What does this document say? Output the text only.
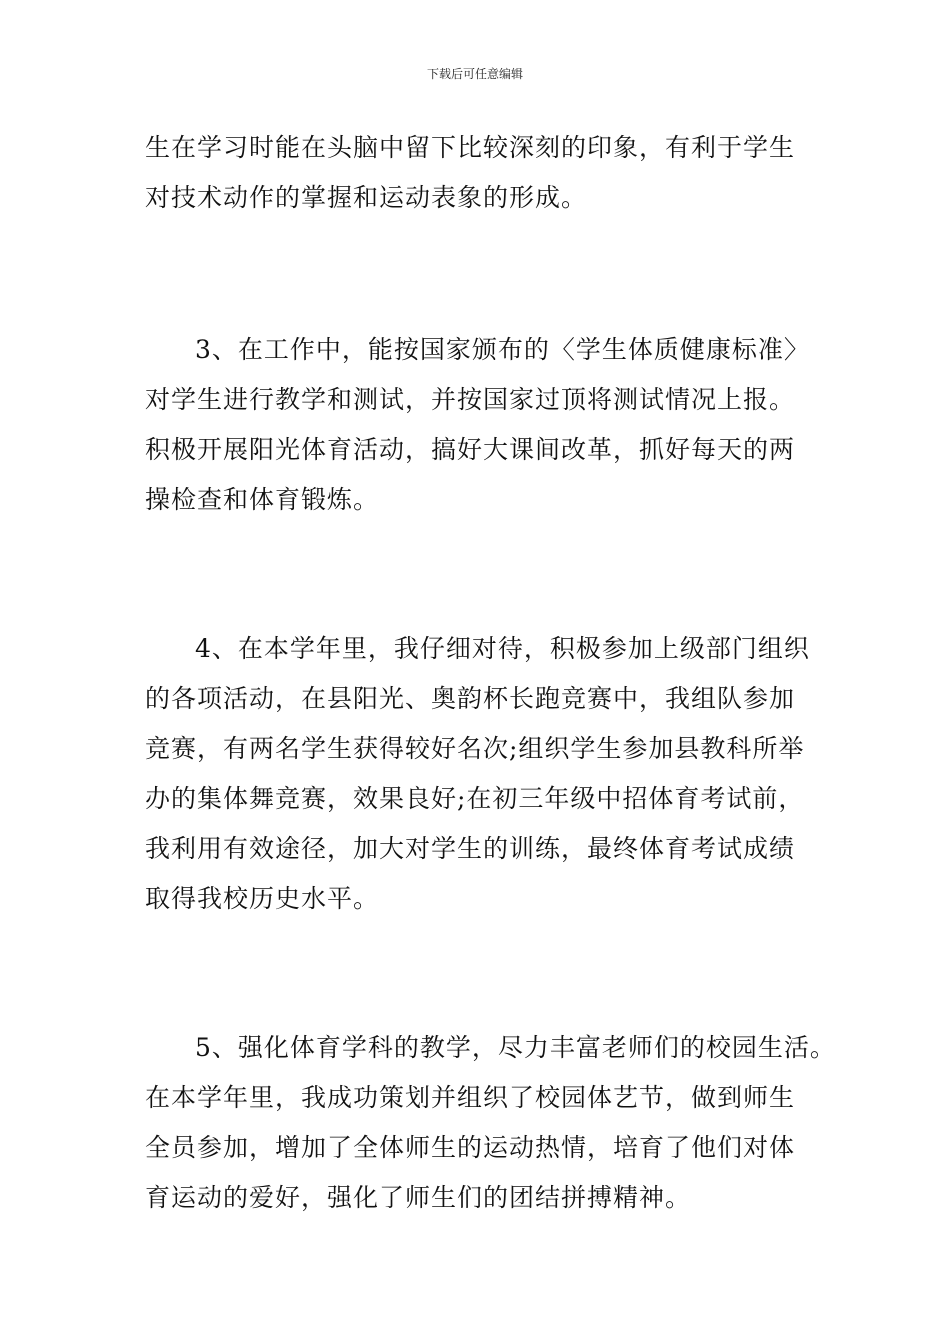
下载后可任意编辑
生在学习时能在头脑中留下比较深刻的印象，有利于学生
对技术动作的掌握和运动表象的形成。
3、在工作中，能按国家颁布的〈学生体质健康标准〉
对学生进行教学和测试，并按国家过顶将测试情况上报。
积极开展阳光体育活动，搞好大课间改革，抓好每天的两
操检查和体育锻炼。
4、在本学年里，我仔细对待，积极参加上级部门组织
的各项活动，在县阳光、奥韵杯长跑竞赛中，我组队参加
竞赛，有两名学生获得较好名次;组织学生参加县教科所举
办的集体舞竞赛，效果良好;在初三年级中招体育考试前，
我利用有效途径，加大对学生的训练，最终体育考试成绩
取得我校历史水平。
5、强化体育学科的教学，尽力丰富老师们的校园生活。
在本学年里，我成功策划并组织了校园体艺节，做到师生
全员参加，增加了全体师生的运动热情，培育了他们对体
育运动的爱好，强化了师生们的团结拼搏精神。
